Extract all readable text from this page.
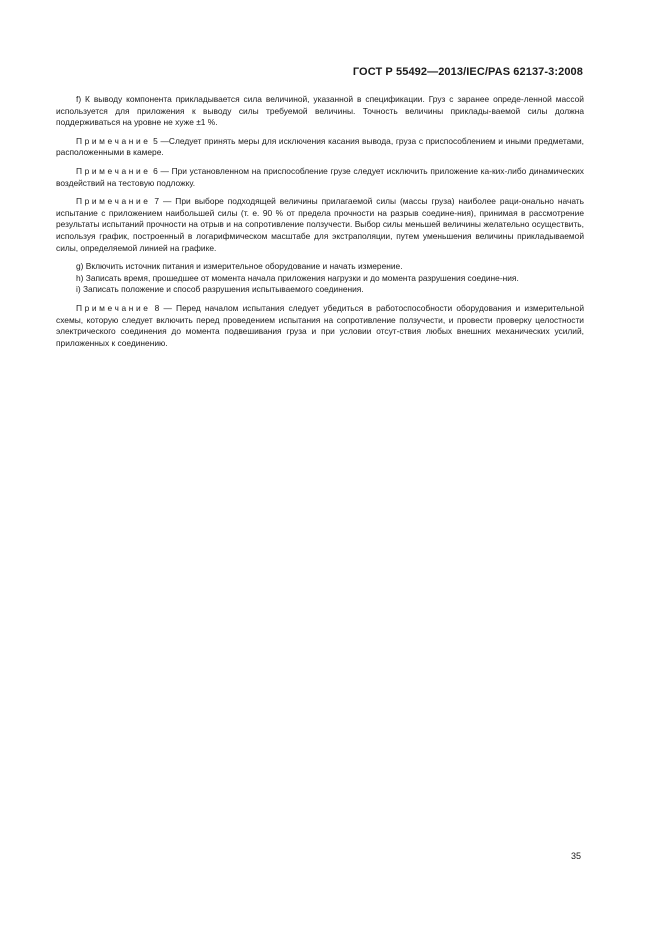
ГОСТ Р 55492—2013/IEC/PAS 62137-3:2008

f) К выводу компонента прикладывается сила величиной, указанной в спецификации. Груз с заранее опреде-ленной массой используется для приложения к выводу силы требуемой величины. Точность величины приклады-ваемой силы должна поддерживаться на уровне не хуже ±1 %.

Примечание 5 —Следует принять меры для исключения касания вывода, груза с приспособлением и иными предметами, расположенными в камере.

Примечание 6 — При установленном на приспособление грузе следует исключить приложение ка-ких-либо динамических воздействий на тестовую подложку.

Примечание 7 — При выборе подходящей величины прилагаемой силы (массы груза) наиболее раци-онально начать испытание с приложением наибольшей силы (т. е. 90 % от предела прочности на разрыв соедине-ния), принимая в рассмотрение результаты испытаний прочности на отрыв и на сопротивление ползучести. Выбор силы меньшей величины желательно осуществить, используя график, построенный в логарифмическом масштабе для экстраполяции, путем уменьшения величины прикладываемой силы, определяемой линией на графике.

g) Включить источник питания и измерительное оборудование и начать измерение.

h) Записать время, прошедшее от момента начала приложения нагрузки и до момента разрушения соедине-ния.

i) Записать положение и способ разрушения испытываемого соединения.

Примечание 8 — Перед началом испытания следует убедиться в работоспособности оборудования и измерительной схемы, которую следует включить перед проведением испытания на сопротивление ползучести, и провести проверку целостности электрического соединения до момента подвешивания груза и при условии отсут-ствия любых внешних механических усилий, приложенных к соединению.

35
